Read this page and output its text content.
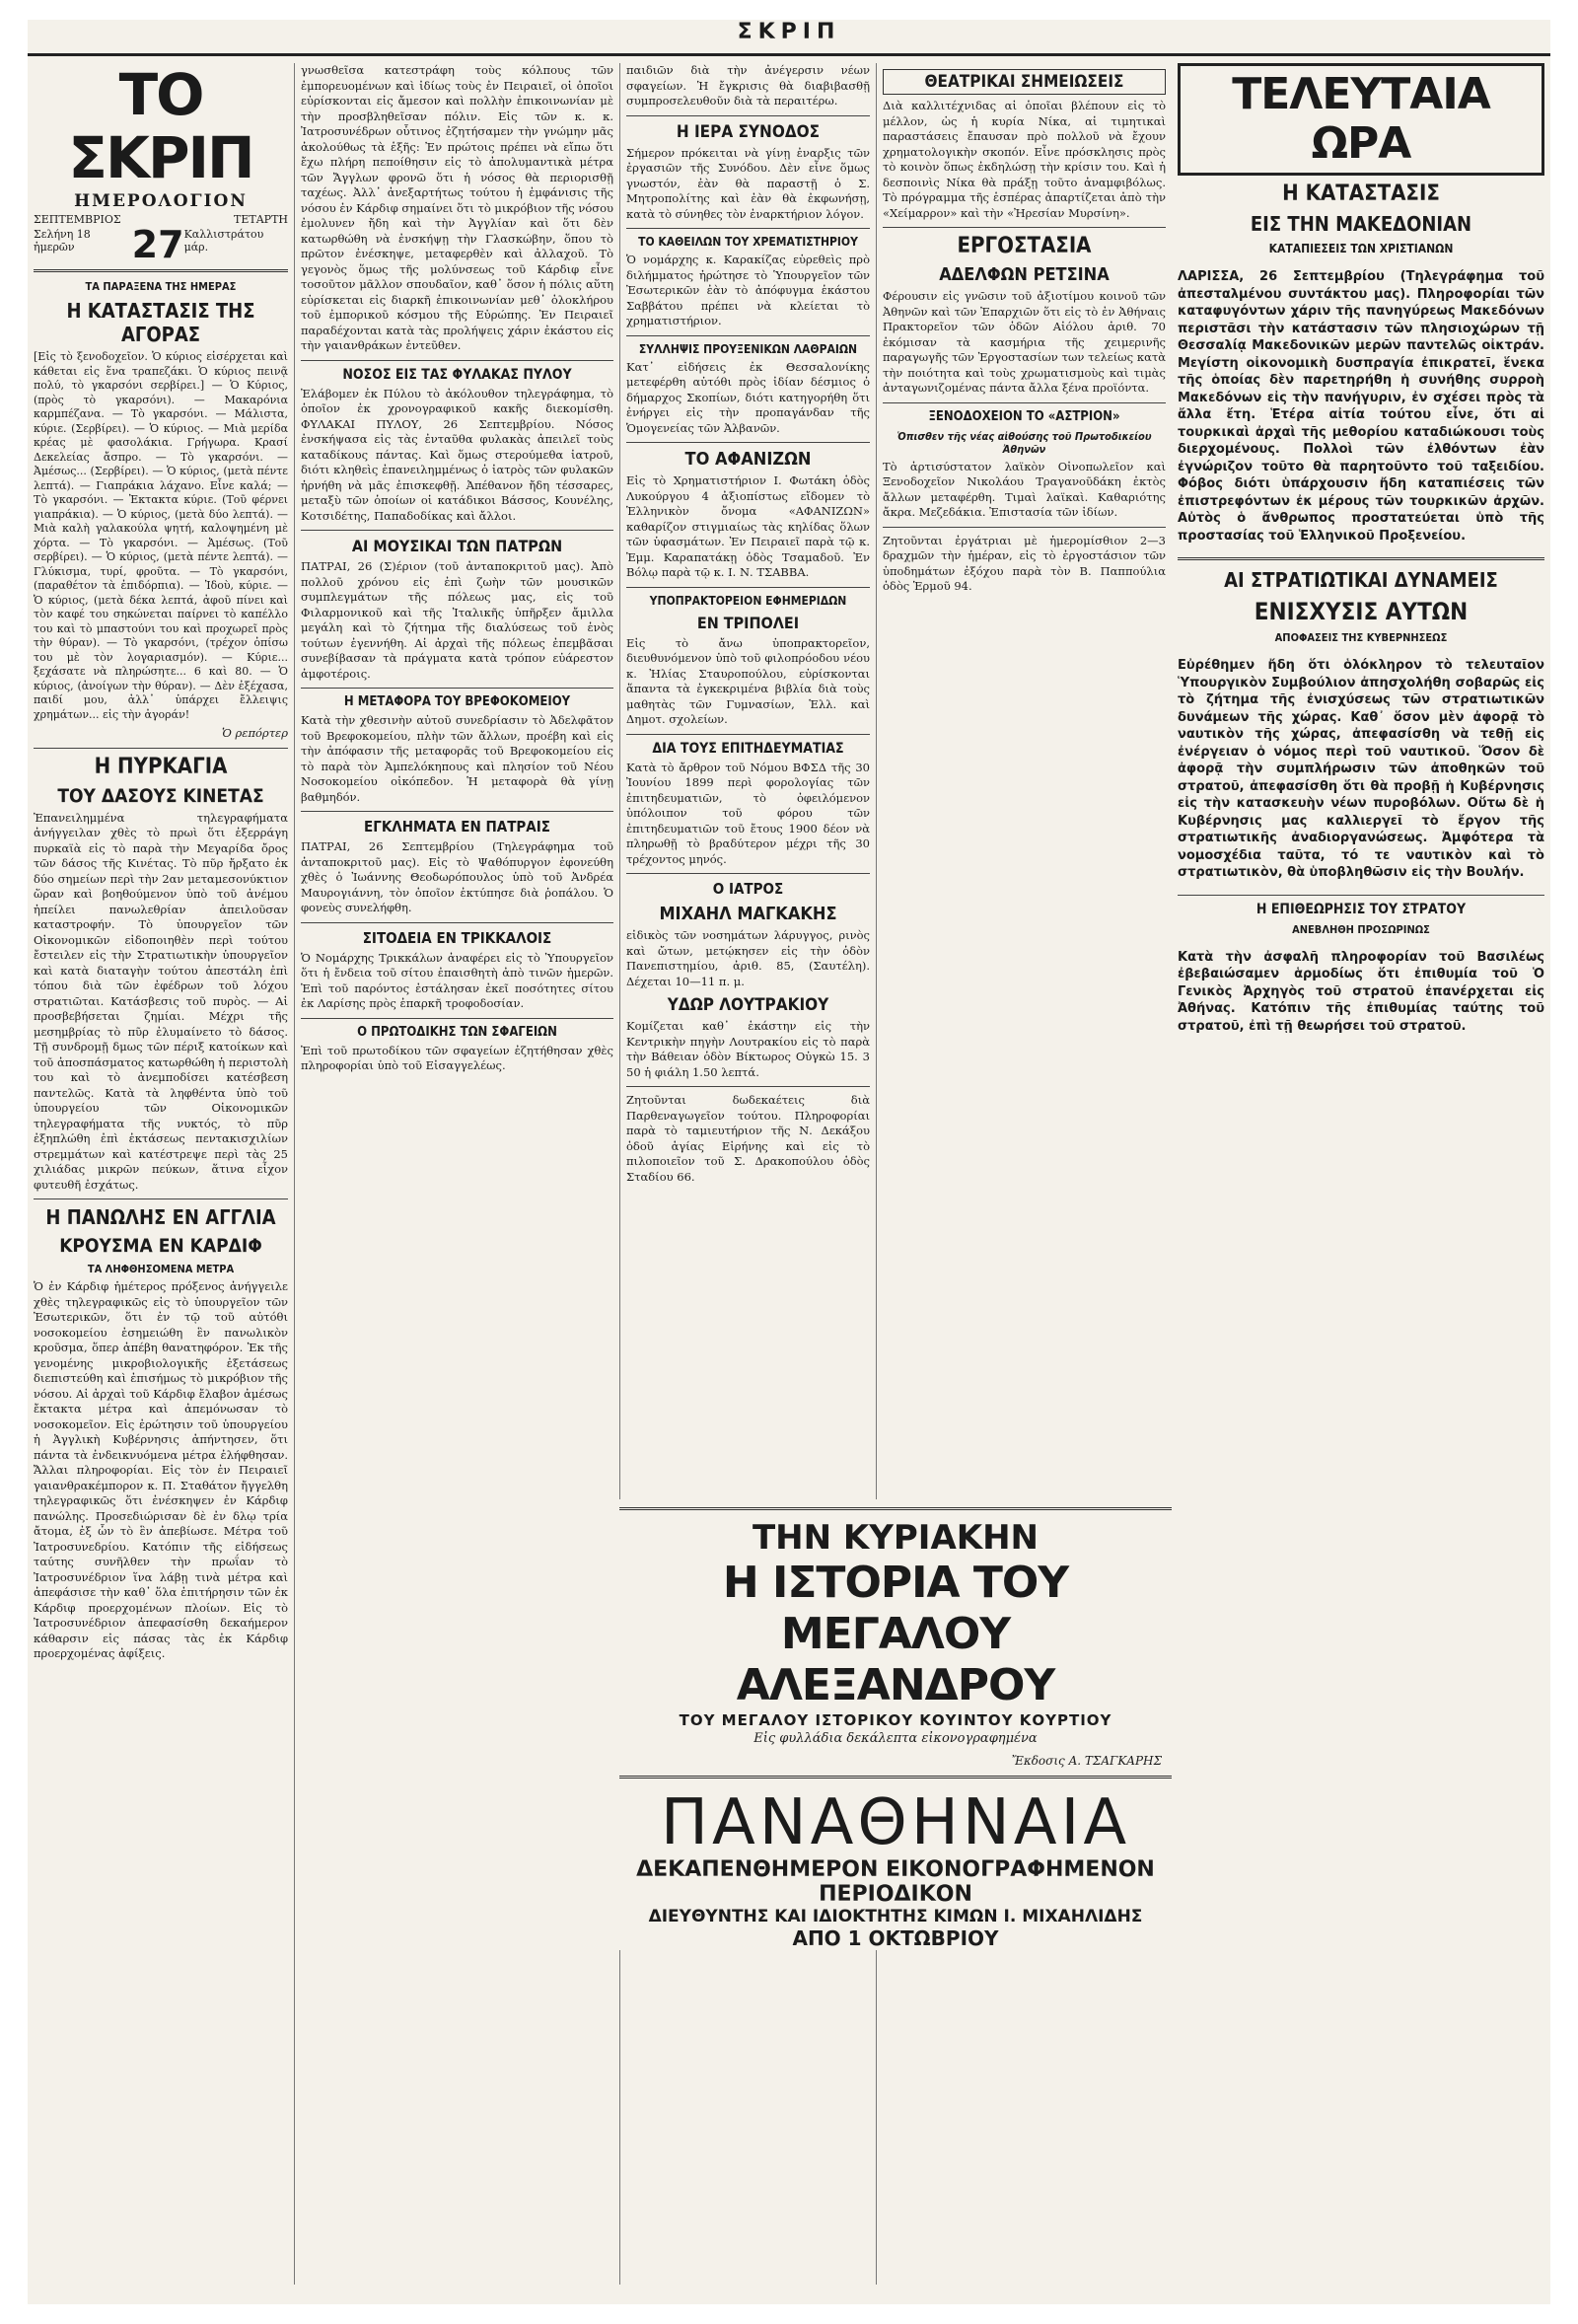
ΣΚΡΙΠ
ΤΟ ΣΚΡΙΠ
ΗΜΕΡΟΛΟΓΙΟΝ
ΣΕΠΤΕΜΒΡΙΟΣ	ΤΕΤΑΡΤΗ
Σελήνη 18 ἡμερῶν	27 Καλλιστράτου μάρ.
ΤΑ ΠΑΡΑΞΕΝΑ ΤΗΣ ΗΜΕΡΑΣ
Η ΚΑΤΑΣΤΑΣΙΣ ΤΗΣ ΑΓΟΡΑΣ

[Εἰς τὸ ξενοδοχεῖον. Ὁ κύριος εἰσέρχεται καὶ κάθεται εἰς ἕνα τραπεζάκι. Ὁ κύριος πεινᾷ πολύ, τὸ γκαρσόνι σερβίρει.] — Ὁ Κύριος, (πρὸς τὸ γκαρσόνι). — Μακαρόνια καρμπέζανα. — Τὸ γκαρσόνι. — Μάλιστα, κύριε. (Σερβίρει). — Ὁ κύριος. — Μιὰ μερίδα κρέας μὲ φασολάκια. Γρήγωρα. Κρασί Δεκελείας ἄσπρο. — Τὸ γκαρσόνι. — Ἀμέσως... (Σερβίρει). — Ὁ κύριος, (μετὰ πέντε λεπτά). — Γιαπράκια λάχανο. Εἶνε καλά; — Τὸ γκαρσόνι. — Ἐκτακτα κύριε. (Τοῦ φέρνει γιαπράκια). — Ὁ κύριος, (μετὰ δύο λεπτά). — Μιὰ καλὴ γαλακούλα ψητή, καλοψημένη μὲ χόρτα. — Τὸ γκαρσόνι. — Ἀμέσως. (Τοῦ σερβίρει). — Ὁ κύριος, (μετὰ πέντε λεπτά). — Γλύκισμα, τυρί, φροῦτα. — Τὸ γκαρσόνι, (παραθέτον τὰ ἐπιδόρπια). — Ἰδοὺ, κύριε. — Ὁ κύριος, (μετὰ δέκα λεπτά, ἀφοῦ πίνει καὶ τὸν καφέ του σηκώνεται παίρνει τὸ καπέλλο του καὶ τὸ μπαστούνι του καὶ προχωρεῖ πρὸς τὴν θύραν). — Τὸ γκαρσόνι, (τρέχον ὀπίσω του μὲ τὸν λογαριασμόν). — Κύριε... ξεχάσατε νὰ πληρώσητε... 6 καὶ 80. — Ὁ κύριος, (ἀνοίγων τὴν θύραν). — Δὲν ἐξέχασα, παιδί μου, ἀλλ᾽ ὑπάρχει ἔλλειψις χρημάτων... εἰς τὴν ἀγοράν!

Ὁ ρεπόρτερ

Η ΠΥΡΚΑΓΙΑ
ΤΟΥ ΔΑΣΟΥΣ ΚΙΝΕΤΑΣ

Ἐπανειλημμένα τηλεγραφήματα ἀνήγγειλαν χθὲς τὸ πρωὶ ὅτι ἐξερράγη πυρκαϊὰ εἰς τὸ παρὰ τὴν Μεγαρίδα ὄρος τῶν δάσος τῆς Κινέτας. Τὸ πῦρ ἤρξατο ἐκ δύο σημείων περὶ τὴν 2αν μεταμεσονύκτιον ὥραν καὶ βοηθούμενον ὑπὸ τοῦ ἀνέμου ἠπείλει πανωλεθρίαν ἀπειλοῦσαν καταστροφήν. Τὸ ὑπουργεῖον τῶν Οἰκονομικῶν εἰδοποιηθὲν περὶ τούτου ἔστειλεν εἰς τὴν Στρατιωτικὴν ὑπουργεῖον καὶ κατὰ διαταγὴν τούτου ἀπεστάλη ἐπὶ τόπου διὰ τῶν ἐφέδρων τοῦ λόχου στρατιῶται. Κατάσβεσις τοῦ πυρὸς. — Αἱ προσβεβήσεται ζημίαι. Μέχρι τῆς μεσημβρίας τὸ πῦρ ἐλυμαίνετο τὸ δάσος. Τῇ συνδρομῇ δμως τῶν πέριξ κατοίκων καὶ τοῦ ἀποσπάσματος κατωρθώθη ἡ περιστολὴ του καὶ τὸ ἀνεμποδίσει κατέσβεση παντελῶς. Κατὰ τὰ ληφθέντα ὑπὸ τοῦ ὑπουργείου τῶν Οἰκονομικῶν τηλεγραφήματα τῆς νυκτός, τὸ πῦρ ἐξηπλώθη ἐπὶ ἐκτάσεως πεντακισχιλίων στρεμμάτων καὶ κατέστρεψε περὶ τὰς 25 χιλιάδας μικρῶν πεύκων, ἅτινα εἶχον φυτευθῆ ἐσχάτως.

Η ΠΑΝΩΛΗΣ ΕΝ ΑΓΓΛΙΑ
ΚΡΟΥΣΜΑ ΕΝ ΚΑΡΔΙΦ
ΤΑ ΛΗΦΘΗΣΟΜΕΝΑ ΜΕΤΡΑ

Ὁ ἐν Κάρδιφ ἡμέτερος πρόξενος ἀνήγγειλε χθὲς τηλεγραφικῶς εἰς τὸ ὑπουργεῖον τῶν Ἐσωτερικῶν, ὅτι ἐν τῷ τοῦ αὐτόθι νοσοκομείου ἐσημειώθη ἓν πανωλικὸν κροῦσμα, ὅπερ ἀπέβη θανατηφόρον. Ἐκ τῆς γενομένης μικροβιολογικῆς ἐξετάσεως διεπιστεύθη καὶ ἐπισήμως τὸ μικρόβιον τῆς νόσου. Αἱ ἀρχαὶ τοῦ Κάρδιφ ἔλαβον ἀμέσως ἔκτακτα μέτρα καὶ ἀπεμόνωσαν τὸ νοσοκομεῖον. Εἰς ἐρώτησιν τοῦ ὑπουργείου ἡ Ἀγγλικὴ Κυβέρνησις ἀπήντησεν, ὅτι πάντα τὰ ἐνδεικνυόμενα μέτρα ἐλήφθησαν. Ἄλλαι πληροφορίαι. Εἰς τὸν ἐν Πειραιεῖ γαιανθρακέμπορον κ. Π. Σταθάτον ἤγγελθη τηλεγραφικῶς ὅτι ἐνέσκηψεν ἐν Κάρδιφ πανώλης. Προσεδιώρισαν δὲ ἐν δλῳ τρία ἄτομα, ἐξ ὧν τὸ ἓν ἀπεβίωσε. Μέτρα τοῦ Ἰατροσυνεδρίου. Κατόπιν τῆς εἰδήσεως ταύτης συνῆλθεν τὴν πρωΐαν τὸ Ἰατροσυνέδριον ἵνα λάβῃ τινὰ μέτρα καὶ ἀπεφάσισε τὴν καθ᾽ ὅλα ἐπιτήρησιν τῶν ἐκ Κάρδιφ προερχομένων πλοίων. Εἰς τὸ Ἰατροσυνέδριον ἀπεφασίσθη δεκαήμερον κάθαρσιν εἰς πάσας τὰς ἐκ Κάρδιφ προερχομένας ἀφίξεις.

γνωσθεῖσα κατεστράφη τοὺς κόλπους τῶν ἐμπορευομένων καὶ ἰδίως τοὺς ἐν Πειραιεῖ, οἱ ὁποῖοι εὐρίσκονται εἰς ἄμεσον καὶ πολλὴν ἐπικοινωνίαν μὲ τὴν προσβληθεῖσαν πόλιν. Εἰς τῶν κ. κ. Ἰατροσυνέδρων οὗτινος ἐζητήσαμεν τὴν γνώμην μᾶς ἀκολούθως τὰ ἑξῆς: Ἐν πρώτοις πρέπει νὰ εἴπω ὅτι ἔχω πλήρη πεποίθησιν εἰς τὸ ἀπολυμαντικὰ μέτρα τῶν Ἄγγλων φρονῶ ὅτι ἡ νόσος θὰ περιορισθῇ ταχέως. Ἀλλ᾽ ἀνεξαρτήτως τούτου ἡ ἐμφάνισις τῆς νόσου ἐν Κάρδιφ σημαίνει ὅτι τὸ μικρόβιον τῆς νόσου ἐμολυνεν ἤδη καὶ τὴν Ἀγγλίαν καὶ ὅτι δὲν κατωρθώθη νὰ ἐνσκήψῃ τὴν Γλασκώβην, ὅπου τὸ πρῶτον ἐνέσκηψε, μεταφερθὲν καὶ ἀλλαχοῦ. Τὸ γεγονὸς ὅμως τῆς μολύνσεως τοῦ Κάρδιφ εἶνε τοσοῦτον μᾶλλον σπουδαῖον, καθ᾽ ὅσον ἡ πόλις αὕτη εὑρίσκεται εἰς διαρκῆ ἐπικοινωνίαν μεθ᾽ ὁλοκλήρου τοῦ ἐμπορικοῦ κόσμου τῆς Εὐρώπης. Ἐν Πειραιεῖ παραδέχονται κατὰ τὰς προλήψεις χάριν ἐκάστου εἰς τὴν γαιανθράκων ἐντεῦθεν.

ΝΟΣΟΣ ΕΙΣ ΤΑΣ ΦΥΛΑΚΑΣ ΠΥΛΟΥ

Ἐλάβομεν ἐκ Πύλου τὸ ἀκόλουθον τηλεγράφημα, τὸ ὁποῖον ἐκ χρονογραφικοῦ κακῆς διεκομίσθη. ΦΥΛΑΚΑΙ ΠΥΛΟΥ, 26 Σεπτεμβρίου. Νόσος ἐνσκήψασα εἰς τὰς ἐνταῦθα φυλακὰς ἀπειλεῖ τοὺς καταδίκους πάντας. Καὶ ὅμως στερούμεθα ἰατροῦ, διότι κληθεὶς ἐπανειλημμένως ὁ ἰατρὸς τῶν φυλακῶν ἠρνήθη νὰ μᾶς ἐπισκεφθῇ. Ἀπέθανον ἤδη τέσσαρες, μεταξὺ τῶν ὁποίων οἱ κατάδικοι Βάσσος, Κουνέλης, Κοτσιδέτης, Παπαδοδίκας καὶ ἄλλοι.

ΑΙ ΜΟΥΣΙΚΑΙ ΤΩΝ ΠΑΤΡΩΝ

ΠΑΤΡΑΙ, 26 (Σ)έριον (τοῦ ἀνταποκριτοῦ μας). Ἀπὸ πολλοῦ χρόνου εἰς ἐπὶ ζωὴν τῶν μουσικῶν συμπλεγμάτων τῆς πόλεως μας, εἰς τοῦ Φιλαρμονικοῦ καὶ τῆς Ἰταλικῆς ὑπῆρξεν ἄμιλλα μεγάλη καὶ τὸ ζήτημα τῆς διαλύσεως τοῦ ἑνὸς τούτων ἐγεννήθη. Αἱ ἀρχαὶ τῆς πόλεως ἐπεμβᾶσαι συνεβίβασαν τὰ πράγματα κατὰ τρόπον εὐάρεστον ἀμφοτέροις.

Η ΜΕΤΑΦΟΡΑ ΤΟΥ ΒΡΕΦΟΚΟΜΕΙΟΥ

Κατὰ τὴν χθεσινὴν αὐτοῦ συνεδρίασιν τὸ Ἀδελφᾶτον τοῦ Βρεφοκομείου, πλὴν τῶν ἄλλων, προέβη καὶ εἰς τὴν ἀπόφασιν τῆς μεταφορᾶς τοῦ Βρεφοκομείου εἰς τὸ παρὰ τὸν Ἀμπελόκηπους καὶ πλησίον τοῦ Νέου Νοσοκομείου οἰκόπεδον. Ἡ μεταφορὰ θὰ γίνῃ βαθμηδόν.

ΕΓΚΛΗΜΑΤΑ ΕΝ ΠΑΤΡΑΙΣ

ΠΑΤΡΑΙ, 26 Σεπτεμβρίου (Τηλεγράφημα τοῦ ἀνταποκριτοῦ μας). Εἰς τὸ Ψαθόπυργον ἐφονεύθη χθὲς ὁ Ἰωάννης Θεοδωρόπουλος ὑπὸ τοῦ Ἀνδρέα Μαυρογιάννη, τὸν ὁποῖον ἐκτύπησε διὰ ῥοπάλου. Ὁ φονεὺς συνελήφθη.

ΣΙΤΟΔΕΙΑ ΕΝ ΤΡΙΚΚΑΛΟΙΣ

Ὁ Νομάρχης Τρικκάλων ἀναφέρει εἰς τὸ Ὑπουργεῖον ὅτι ἡ ἔνδεια τοῦ σίτου ἐπαισθητὴ ἀπὸ τινῶν ἡμερῶν. Ἐπὶ τοῦ παρόντος ἐστάλησαν ἐκεῖ ποσότητες σίτου ἐκ Λαρίσης πρὸς ἐπαρκῆ τροφοδοσίαν.

Ο ΠΡΩΤΟΔΙΚΗΣ ΤΩΝ ΣΦΑΓΕΙΩΝ

Ἐπὶ τοῦ πρωτοδίκου τῶν σφαγείων ἐζητήθησαν χθὲς πληροφορίαι ὑπὸ τοῦ Εἰσαγγελέως.

παιδιῶν διὰ τὴν ἀνέγερσιν νέων σφαγείων. Ἡ ἔγκρισις θὰ διαβιβασθῇ συμπροσελευθοῦν διὰ τὰ περαιτέρω.

Η ΙΕΡΑ ΣΥΝΟΔΟΣ

Σήμερον πρόκειται νὰ γίνῃ ἐναρξις τῶν ἐργασιῶν τῆς Συνόδου. Δὲν εἶνε ὅμως γνωστόν, ἐὰν θὰ παραστῇ ὁ Σ. Μητροπολίτης καὶ ἐὰν θὰ ἐκφωνήσῃ, κατὰ τὸ σύνηθες τὸν ἐναρκτήριον λόγον.

ΤΟ ΚΑΘΕΙΛΩΝ ΤΟΥ ΧΡΕΜΑΤΙΣΤΗΡΙΟΥ

Ὁ νομάρχης κ. Καρακίζας εὑρεθεὶς πρὸ διλήμματος ἠρώτησε τὸ Ὑπουργεῖον τῶν Ἐσωτερικῶν ἐὰν τὸ ἀπόφυγμα ἑκάστου Σαββάτου πρέπει νὰ κλείεται τὸ χρηματιστήριον.

ΣΥΛΛΗΨΙΣ ΠΡΟΥΞΕΝΙΚΩΝ ΛΑΘΡΑΙΩΝ

Κατ᾽ εἰδήσεις ἐκ Θεσσαλονίκης μετεφέρθη αὐτόθι πρὸς ἰδίαν δέσμιος ὁ δήμαρχος Σκοπίων, διότι κατηγορήθη ὅτι ἐνήργει εἰς τὴν προπαγάνδαν τῆς Ὁμογενείας τῶν Ἀλβανῶν.

ΤΟ ΑΦΑΝΙΖΩΝ

Εἰς τὸ Χρηματιστήριον Ι. Φωτάκη ὁδὸς Λυκούργου 4 ἀξιοπίστως εἴδομεν τὸ Ἑλληνικὸν ὄνομα «ΑΦΑΝΙΖΩΝ» καθαρίζον στιγμιαίως τὰς κηλίδας ὅλων τῶν ὑφασμάτων. Ἐν Πειραιεῖ παρὰ τῷ κ. Ἐμμ. Καραπατάκῃ ὁδὸς Τσαμαδοῦ. Ἐν Βόλῳ παρὰ τῷ κ. Ι. Ν. ΤΣΑΒΒΑ.

ΥΠΟΠΡΑΚΤΟΡΕΙΟΝ ΕΦΗΜΕΡΙΔΩΝ
ΕΝ ΤΡΙΠΟΛΕΙ

Εἰς τὸ ἄνω ὑποπρακτορεῖον, διευθυνόμενον ὑπὸ τοῦ φιλοπρόοδου νέου κ. Ἠλίας Σταυροπούλου, εὑρίσκονται ἅπαντα τὰ ἐγκεκριμένα βιβλία διὰ τοὺς μαθητὰς τῶν Γυμνασίων, Ἑλλ. καὶ Δημοτ. σχολείων.

ΔΙΑ ΤΟΥΣ ΕΠΙΤΗΔΕΥΜΑΤΙΑΣ

Κατὰ τὸ ἄρθρον τοῦ Νόμου ΒΦΣΔ τῆς 30 Ἰουνίου 1899 περὶ φορολογίας τῶν ἐπιτηδευματιῶν, τὸ ὀφειλόμενον ὑπόλοιπον τοῦ φόρου τῶν ἐπιτηδευματιῶν τοῦ ἔτους 1900 δέον νὰ πληρωθῇ τὸ βραδύτερον μέχρι τῆς 30 τρέχοντος μηνός.

Ο ΙΑΤΡΟΣ
ΜΙΧΑΗΛ ΜΑΓΚΑΚΗΣ

εἰδικὸς τῶν νοσημάτων λάρυγγος, ρινὸς καὶ ὤτων, μετῴκησεν εἰς τὴν ὁδὸν Πανεπιστημίου, ἀριθ. 85, (Σαυτέλη). Δέχεται 10—11 π. μ.

ΥΔΩΡ ΛΟΥΤΡΑΚΙΟΥ

Κομίζεται καθ᾽ ἑκάστην εἰς τὴν Κεντρικὴν πηγὴν Λουτρακίου εἰς τὸ παρὰ τὴν Βάθειαν ὁδὸν Βίκτωρος Οὐγκὼ 15. 3 50 ἡ φιάλη 1.50 λεπτά.

Ζητοῦνται δωδεκαέτεις διὰ Παρθεναγωγεῖον τούτου. Πληροφορίαι παρὰ τὸ ταμιευτήριον τῆς Ν. Δεκάξου ὁδοῦ ἁγίας Εἰρήνης καὶ εἰς τὸ πιλοποιεῖον τοῦ Σ. Δρακοπούλου ὁδὸς Σταδίου 66.

ΘΕΑΤΡΙΚΑΙ ΣΗΜΕΙΩΣΕΙΣ

Διὰ καλλιτέχνιδας αἱ ὁποῖαι βλέπουν εἰς τὸ μέλλον, ὡς ἡ κυρία Νίκα, αἱ τιμητικαὶ παραστάσεις ἔπαυσαν πρὸ πολλοῦ νὰ ἔχουν χρηματολογικὴν σκοπόν. Εἶνε πρόσκλησις πρὸς τὸ κοινὸν ὅπως ἐκδηλώσῃ τὴν κρίσιν του. Καὶ ἡ δεσποινὶς Νίκα θὰ πράξῃ τοῦτο ἀναμφιβόλως. Τὸ πρόγραμμα τῆς ἑσπέρας ἀπαρτίζεται ἀπὸ τὴν «Χείμαρρον» καὶ τὴν «Ἠρεσίαν Μυρσίνη».

ΕΡΓΟΣΤΑΣΙΑ
ΑΔΕΛΦΩΝ ΡΕΤΣΙΝΑ

Φέρουσιν εἰς γνῶσιν τοῦ ἀξιοτίμου κοινοῦ τῶν Ἀθηνῶν καὶ τῶν Ἐπαρχιῶν ὅτι εἰς τὸ ἐν Ἀθήναις Πρακτορεῖον τῶν ὁδῶν Αἰόλου ἀριθ. 70 ἐκόμισαν τὰ κασμήρια τῆς χειμερινῆς παραγωγῆς τῶν Ἐργοστασίων των τελείως κατὰ τὴν ποιότητα καὶ τοὺς χρωματισμοὺς καὶ τιμὰς ἀνταγωνιζομένας πάντα ἄλλα ξένα προϊόντα.

ΞΕΝΟΔΟΧΕΙΟΝ ΤΟ «ΑΣΤΡΙΟΝ»
Ὁπισθεν τῆς νέας αἰθούσης τοῦ Πρωτοδικείου Ἀθηνῶν

Τὸ ἀρτισύστατον λαϊκὸν Οἰνοπωλεῖον καὶ Ξενοδοχεῖον Νικολάου Τραγανοῦδάκη ἐκτὸς ἄλλων μεταφέρθη. Τιμαὶ λαϊκαὶ. Καθαριότης ἄκρα. Μεζεδάκια. Ἐπιστασία τῶν ἰδίων.

Ζητοῦνται ἐργάτριαι μὲ ἡμερομίσθιον 2—3 δραχμῶν τὴν ἡμέραν, εἰς τὸ ἐργοστάσιον τῶν ὑποδημάτων ἐξόχου παρὰ τὸν Β. Παππούλια ὁδὸς Ἑρμοῦ 94.

ΤΗΝ ΚΥΡΙΑΚΗΝ
Η ΙΣΤΟΡΙΑ ΤΟΥ ΜΕΓΑΛΟΥ ΑΛΕΞΑΝΔΡΟΥ
ΤΟΥ ΜΕΓΑΛΟΥ ΙΣΤΟΡΙΚΟΥ ΚΟΥΙΝΤΟΥ ΚΟΥΡΤΙΟΥ
Εἰς φυλλάδια δεκάλεπτα εἰκονογραφημένα
Ἔκδοσις Α. ΤΣΑΓΚΑΡΗΣ
ΠΑΝΑΘΗΝΑΙΑ
ΔΕΚΑΠΕΝΘΗΜΕΡΟΝ ΕΙΚΟΝΟΓΡΑΦΗΜΕΝΟΝ ΠΕΡΙΟΔΙΚΟΝ
ΔΙΕΥΘΥΝΤΗΣ ΚΑΙ ΙΔΙΟΚΤΗΤΗΣ ΚΙΜΩΝ Ι. ΜΙΧΑΗΛΙΔΗΣ
ΑΠΟ 1 ΟΚΤΩΒΡΙΟΥ
ΤΕΛΕΥΤΑΙΑ ΩΡΑ
Η ΚΑΤΑΣΤΑΣΙΣ
ΕΙΣ ΤΗΝ ΜΑΚΕΔΟΝΙΑΝ
ΚΑΤΑΠΙΕΣΕΙΣ ΤΩΝ ΧΡΙΣΤΙΑΝΩΝ

ΛΑΡΙΣΣΑ, 26 Σεπτεμβρίου (Τηλεγράφημα τοῦ ἀπεσταλμένου συντάκτου μας). Πληροφορίαι τῶν καταφυγόντων χάριν τῆς πανηγύρεως Μακεδόνων περιστᾶσι τὴν κατάστασιν τῶν πλησιοχώρων τῇ Θεσσαλίᾳ Μακεδονικῶν μερῶν παντελῶς οἰκτράν. Μεγίστη οἰκονομικὴ δυσπραγία ἐπικρατεῖ, ἕνεκα τῆς ὁποίας δὲν παρετηρήθη ἡ συνήθης συρροὴ Μακεδόνων εἰς τὴν πανήγυριν, ἐν σχέσει πρὸς τὰ ἄλλα ἔτη. Ἑτέρα αἰτία τούτου εἶνε, ὅτι αἱ τουρκικαὶ ἀρχαὶ τῆς μεθορίου καταδιώκουσι τοὺς διερχομένους. Πολλοὶ τῶν ἐλθόντων ἐὰν ἐγνώριζον τοῦτο θὰ παρητοῦντο τοῦ ταξειδίου. Φόβος διότι ὑπάρχουσιν ἤδη καταπιέσεις τῶν ἐπιστρεφόντων ἐκ μέρους τῶν τουρκικῶν ἀρχῶν. Αὐτὸς ὁ ἄνθρωπος προστατεύεται ὑπὸ τῆς προστασίας τοῦ Ἑλληνικοῦ Προξενείου.

ΑΙ ΣΤΡΑΤΙΩΤΙΚΑΙ ΔΥΝΑΜΕΙΣ
ΕΝΙΣΧΥΣΙΣ ΑΥΤΩΝ
ΑΠΟΦΑΣΕΙΣ ΤΗΣ ΚΥΒΕΡΝΗΣΕΩΣ

Εὐρέθημεν ἤδη ὅτι ὁλόκληρον τὸ τελευταῖον Ὑπουργικὸν Συμβούλιον ἀπησχολήθη σοβαρῶς εἰς τὸ ζήτημα τῆς ἐνισχύσεως τῶν στρατιωτικῶν δυνάμεων τῆς χώρας. Καθ᾽ ὅσον μὲν ἀφορᾷ τὸ ναυτικὸν τῆς χώρας, ἀπεφασίσθη νὰ τεθῇ εἰς ἐνέργειαν ὁ νόμος περὶ τοῦ ναυτικοῦ. Ὅσον δὲ ἀφορᾷ τὴν συμπλήρωσιν τῶν ἀποθηκῶν τοῦ στρατοῦ, ἀπεφασίσθη ὅτι θὰ προβῇ ἡ Κυβέρνησις εἰς τὴν κατασκευὴν νέων πυροβόλων. Οὕτω δὲ ἡ Κυβέρνησις μας καλλιεργεῖ τὸ ἔργον τῆς στρατιωτικῆς ἀναδιοργανώσεως. Ἀμφότερα τὰ νομοσχέδια ταῦτα, τό τε ναυτικὸν καὶ τὸ στρατιωτικὸν, θὰ ὑποβληθῶσιν εἰς τὴν Βουλήν.

Η ΕΠΙΘΕΩΡΗΣΙΣ ΤΟΥ ΣΤΡΑΤΟΥ
ΑΝΕΒΛΗΘΗ ΠΡΟΣΩΡΙΝΩΣ

Κατὰ τὴν ἀσφαλῆ πληροφορίαν τοῦ Βασιλέως ἐβεβαιώσαμεν ἁρμοδίως ὅτι ἐπιθυμία τοῦ Ὁ Γενικὸς Ἀρχηγὸς τοῦ στρατοῦ ἐπανέρχεται εἰς Ἀθήνας. Κατόπιν τῆς ἐπιθυμίας ταύτης τοῦ στρατοῦ, ἐπὶ τῇ θεωρήσει τοῦ στρατοῦ.
